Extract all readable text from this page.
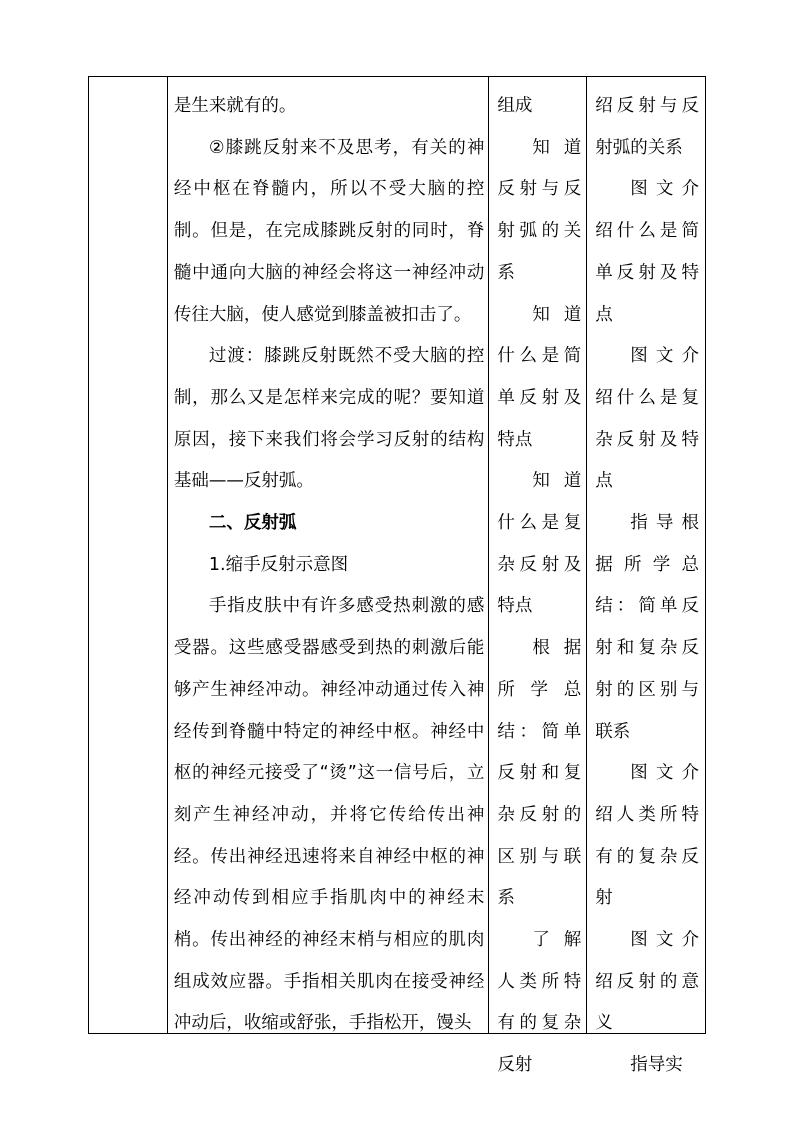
是生来就有的。

②膝跳反射来不及思考，有关的神经中枢在脊髓内，所以不受大脑的控制。但是，在完成膝跳反射的同时，脊髓中通向大脑的神经会将这一神经冲动传往大脑，使人感觉到膝盖被扣击了。

过渡：膝跳反射既然不受大脑的控制，那么又是怎样来完成的呢？要知道原因，接下来我们将会学习反射的结构基础——反射弧。

二、反射弧

1.缩手反射示意图

手指皮肤中有许多感受热刺激的感受器。这些感受器感受到热的刺激后能够产生神经冲动。神经冲动通过传入神经传到脊髓中特定的神经中枢。神经中枢的神经元接受了“烫”这一信号后，立刻产生神经冲动，并将它传给传出神经。传出神经迅速将来自神经中枢的神经冲动传到相应手指肌肉中的神经末梢。传出神经的神经末梢与相应的肌肉组成效应器。手指相关肌肉在接受神经冲动后，收缩或舒张，手指松开，馒头

组成

知道反射与反射弧的关系

知道什么是简单反射及特点

知道什么是复杂反射及特点

根据所学总结：简单反射和复杂反射的区别与联系

了解人类所特有的复杂反射

绍反射与反射弧的关系

图文介绍什么是简单反射及特点

图文介绍什么是复杂反射及特点

指导根据所学总结：简单反射和复杂反射的区别与联系

图文介绍人类所特有的复杂反射

图文介绍反射的意义

指导实
